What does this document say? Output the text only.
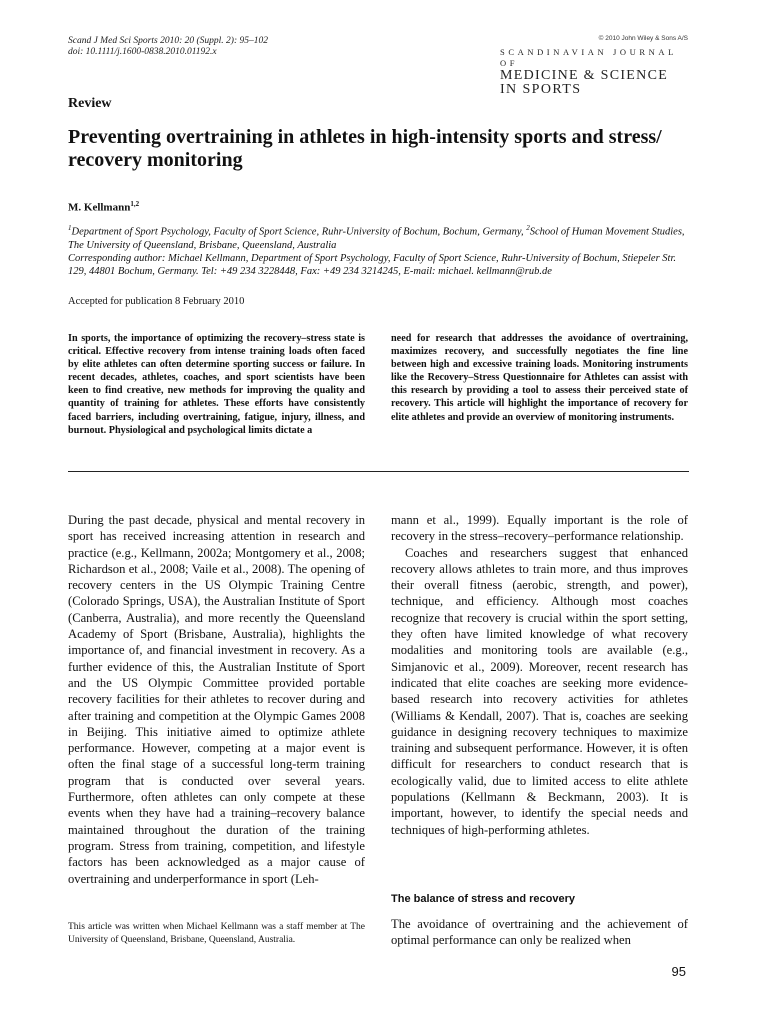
Scand J Med Sci Sports 2010: 20 (Suppl. 2): 95–102
doi: 10.1111/j.1600-0838.2010.01192.x
© 2010 John Wiley & Sons A/S
SCANDINAVIAN JOURNAL OF
MEDICINE & SCIENCE
IN SPORTS
Review
Preventing overtraining in athletes in high-intensity sports and stress/ recovery monitoring
M. Kellmann$^{1,2}$
$^1$Department of Sport Psychology, Faculty of Sport Science, Ruhr-University of Bochum, Bochum, Germany, $^2$School of Human Movement Studies, The University of Queensland, Brisbane, Queensland, Australia
Corresponding author: Michael Kellmann, Department of Sport Psychology, Faculty of Sport Science, Ruhr-University of Bochum, Stiepeler Str. 129, 44801 Bochum, Germany. Tel: +49 234 3228448, Fax: +49 234 3214245, E-mail: michael. kellmann@rub.de
Accepted for publication 8 February 2010
In sports, the importance of optimizing the recovery–stress state is critical. Effective recovery from intense training loads often faced by elite athletes can often determine sporting success or failure. In recent decades, athletes, coaches, and sport scientists have been keen to find creative, new methods for improving the quality and quantity of training for athletes. These efforts have consistently faced barriers, including overtraining, fatigue, injury, illness, and burnout. Physiological and psychological limits dictate a
need for research that addresses the avoidance of overtraining, maximizes recovery, and successfully negotiates the fine line between high and excessive training loads. Monitoring instruments like the Recovery–Stress Questionnaire for Athletes can assist with this research by providing a tool to assess their perceived state of recovery. This article will highlight the importance of recovery for elite athletes and provide an overview of monitoring instruments.

During the past decade, physical and mental recovery in sport has received increasing attention in research and practice (e.g., Kellmann, 2002a; Montgomery et al., 2008; Richardson et al., 2008; Vaile et al., 2008). The opening of recovery centers in the US Olympic Training Centre (Colorado Springs, USA), the Australian Institute of Sport (Canberra, Australia), and more recently the Queensland Academy of Sport (Brisbane, Australia), highlights the importance of, and financial investment in recovery. As a further evidence of this, the Australian Institute of Sport and the US Olympic Committee provided portable recovery facilities for their athletes to recover during and after training and competition at the Olympic Games 2008 in Beijing. This initiative aimed to optimize athlete performance. However, competing at a major event is often the final stage of a successful long-term training program that is conducted over several years. Furthermore, often athletes can only compete at these events when they have had a training–recovery balance maintained throughout the duration of the training program. Stress from training, competition, and lifestyle factors has been acknowledged as a major cause of overtraining and underperformance in sport (Leh-

mann et al., 1999). Equally important is the role of recovery in the stress–recovery–performance relationship.

Coaches and researchers suggest that enhanced recovery allows athletes to train more, and thus improves their overall fitness (aerobic, strength, and power), technique, and efficiency. Although most coaches recognize that recovery is crucial within the sport setting, they often have limited knowledge of what recovery modalities and monitoring tools are available (e.g., Simjanovic et al., 2009). Moreover, recent research has indicated that elite coaches are seeking more evidence-based research into recovery activities for athletes (Williams & Kendall, 2007). That is, coaches are seeking guidance in designing recovery techniques to maximize training and subsequent performance. However, it is often difficult for researchers to conduct research that is ecologically valid, due to limited access to elite athlete populations (Kellmann & Beckmann, 2003). It is important, however, to identify the special needs and techniques of high-performing athletes.

The balance of stress and recovery

The avoidance of overtraining and the achievement of optimal performance can only be realized when

This article was written when Michael Kellmann was a staff member at The University of Queensland, Brisbane, Queensland, Australia.
95
